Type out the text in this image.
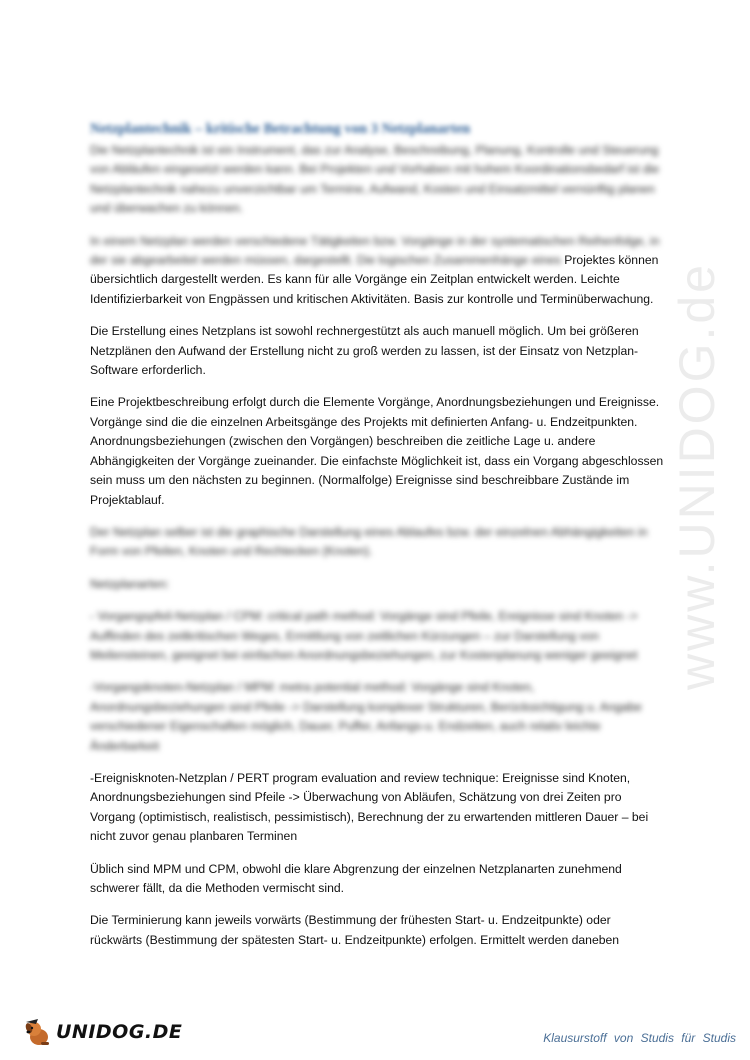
www.UNIDOG.de
Netzplantechnik – kritische Betrachtung von 3 Netzplanarten

Die Netzplantechnik ist ein Instrument, das zur Analyse, Beschreibung, Planung, Kontrolle und Steuerung von Abläufen eingesetzt werden kann. Bei Projekten und Vorhaben mit hohem Koordinationsbedarf ist die Netzplantechnik nahezu unverzichtbar um Termine, Aufwand, Kosten und Einsatzmittel vernünftig planen und überwachen zu können.

In einem Netzplan werden verschiedene Tätigkeiten bzw. Vorgänge in der systematischen Reihenfolge, in der sie abgearbeitet werden müssen, dargestellt. Die logischen Zusammenhänge eines Projektes können übersichtlich dargestellt werden. Es kann für alle Vorgänge ein Zeitplan entwickelt werden. Leichte Identifizierbarkeit von Engpässen und kritischen Aktivitäten. Basis zur kontrolle und Terminüberwachung.

Die Erstellung eines Netzplans ist sowohl rechnergestützt als auch manuell möglich. Um bei größeren Netzplänen den Aufwand der Erstellung nicht zu groß werden zu lassen, ist der Einsatz von Netzplan-Software erforderlich.

Eine Projektbeschreibung erfolgt durch die Elemente Vorgänge, Anordnungsbeziehungen und Ereignisse. Vorgänge sind die die einzelnen Arbeitsgänge des Projekts mit definierten Anfang- u. Endzeitpunkten. Anordnungsbeziehungen (zwischen den Vorgängen) beschreiben die zeitliche Lage u. andere Abhängigkeiten der Vorgänge zueinander. Die einfachste Möglichkeit ist, dass ein Vorgang abgeschlossen sein muss um den nächsten zu beginnen. (Normalfolge) Ereignisse sind beschreibbare Zustände im Projektablauf.

Der Netzplan selber ist die graphische Darstellung eines Ablaufes bzw. der einzelnen Abhängigkeiten in Form von Pfeilen, Knoten und Rechtecken (Knoten).

Netzplanarten:

- Vorgangspfeil-Netzplan / CPM: critical path method: Vorgänge sind Pfeile, Ereignisse sind Knoten -> Auffinden des zeitkritischen Weges, Ermittlung von zeitlichen Kürzungen – zur Darstellung von Meilensteinen, geeignet bei einfachen Anordnungsbeziehungen, zur Kostenplanung weniger geeignet

-Vorgangsknoten-Netzplan / MPM: metra potential method: Vorgänge sind Knoten, Anordnungsbeziehungen sind Pfeile -> Darstellung komplexer Strukturen, Berücksichtigung u. Angabe verschiedener Eigenschaften möglich, Dauer, Puffer, Anfangs-u. Endzeiten, auch relativ leichte Änderbarkeit

-Ereignisknoten-Netzplan / PERT program evaluation and review technique: Ereignisse sind Knoten, Anordnungsbeziehungen sind Pfeile -> Überwachung von Abläufen, Schätzung von drei Zeiten pro Vorgang (optimistisch, realistisch, pessimistisch), Berechnung der zu erwartenden mittleren Dauer – bei nicht zuvor genau planbaren Terminen

Üblich sind MPM und CPM, obwohl die klare Abgrenzung der einzelnen Netzplanarten zunehmend schwerer fällt, da die Methoden vermischt sind.

Die Terminierung kann jeweils vorwärts (Bestimmung der frühesten Start- u. Endzeitpunkte) oder rückwärts (Bestimmung der spätesten Start- u. Endzeitpunkte) erfolgen. Ermittelt werden daneben

UNIDOG.DE	Klausurstoff von Studis für Studis
